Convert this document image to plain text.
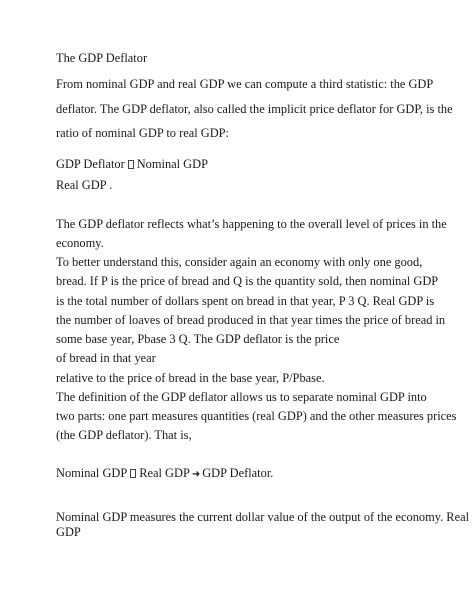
The GDP Deflator
From nominal GDP and real GDP we can compute a third statistic: the GDP
deflator. The GDP deflator, also called the implicit price deflator for GDP, is the
ratio of nominal GDP to real GDP:
GDP Deflator Nominal GDP
Real GDP .
The GDP deflator reflects what’s happening to the overall level of prices in the
economy.
To better understand this, consider again an economy with only one good,
bread. If P is the price of bread and Q is the quantity sold, then nominal GDP
is the total number of dollars spent on bread in that year, P 3 Q. Real GDP is
the number of loaves of bread produced in that year times the price of bread in
some base year, Pbase 3 Q. The GDP deflator is the price
of bread in that year
relative to the price of bread in the base year, P/Pbase.
The definition of the GDP deflator allows us to separate nominal GDP into
two parts: one part measures quantities (real GDP) and the other measures prices
(the GDP deflator). That is,
Nominal GDP Real GDP ➜ GDP Deflator.
Nominal GDP measures the current dollar value of the output of the economy. Real
GDP
